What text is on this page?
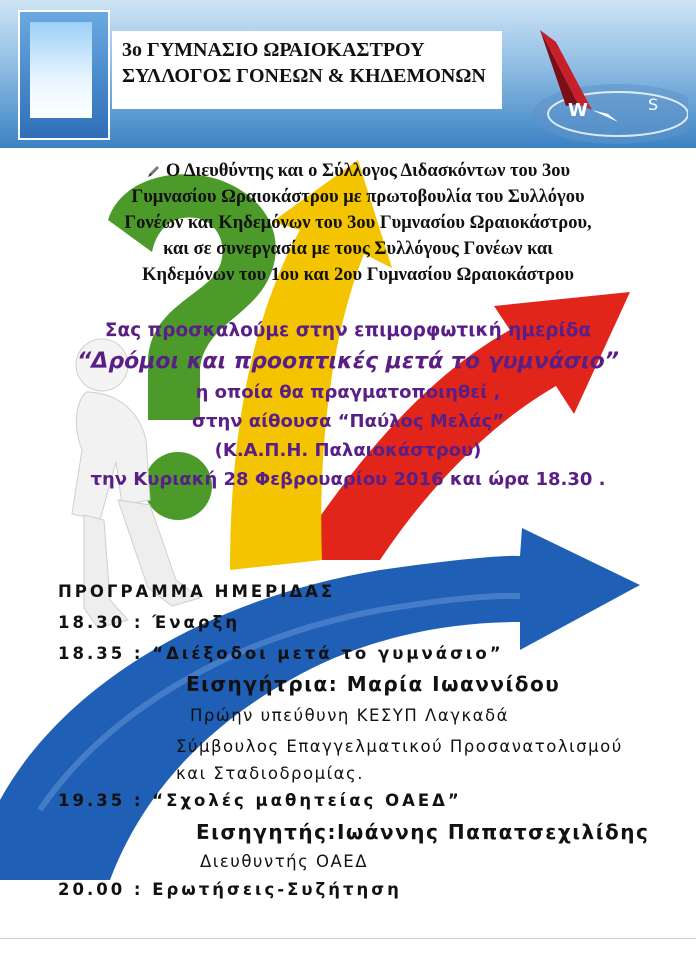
3ο ΓΥΜΝΑΣΙΟ ΩΡΑΙΟΚΑΣΤΡΟΥ
ΣΥΛΛΟΓΟΣ ΓΟΝΕΩΝ & ΚΗΔΕΜΟΝΩΝ
W	S
Ο Διευθύντης και ο Σύλλογος Διδασκόντων του 3ου
Γυμνασίου Ωραιοκάστρου με πρωτοβουλία του Συλλόγου
Γονέων και Κηδεμόνων του 3ου Γυμνασίου Ωραιοκάστρου,
και σε συνεργασία με τους Συλλόγους Γονέων και
Κηδεμόνων του 1ου και 2ου Γυμνασίου Ωραιοκάστρου
Σας προσκαλούμε στην επιμορφωτική ημερίδα
“Δρόμοι και προοπτικές μετά το γυμνάσιο”
η οποία θα πραγματοποιηθεί ,
στην αίθουσα “Παύλος Μελάς”
(Κ.Α.Π.Η. Παλαιοκάστρου)
την Κυριακή 28 Φεβρουαρίου 2016 και ώρα 18.30 .
ΠΡΟΓΡΑΜΜΑ ΗΜΕΡΙΔΑΣ
18.30 : Έναρξη
18.35 : “Διέξοδοι μετά το γυμνάσιο”
Εισηγήτρια: Μαρία Ιωαννίδου
Πρώην υπεύθυνη ΚΕΣΥΠ Λαγκαδά
Σύμβουλος Επαγγελματικού Προσανατολισμού
και Σταδιοδρομίας.
19.35 : “Σχολές μαθητείας ΟΑΕΔ”
Εισηγητής:Ιωάννης Παπατσεχιλίδης
Διευθυντής ΟΑΕΔ
20.00 : Ερωτήσεις-Συζήτηση
